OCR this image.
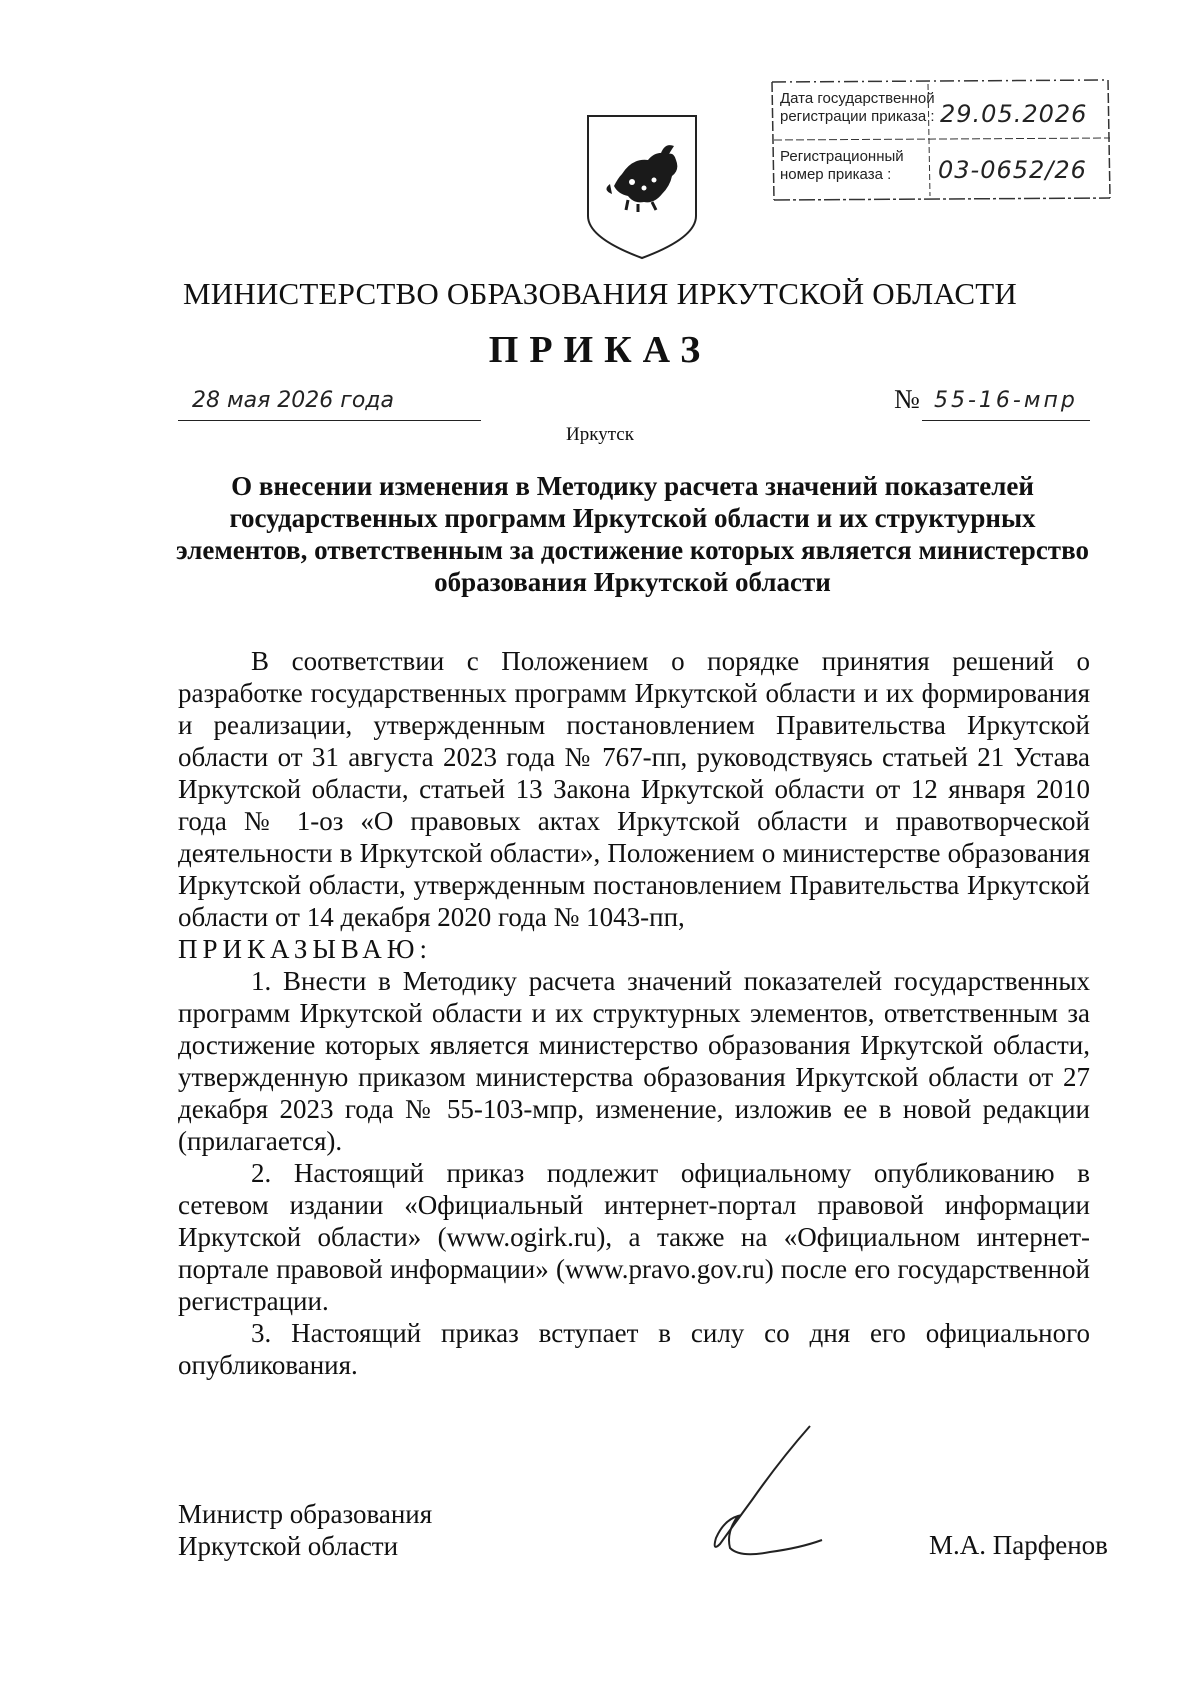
Дата государственной
регистрации приказа : 29.05.2026
Регистрационный
номер приказа :	03-0652/26
МИНИСТЕРСТВО ОБРАЗОВАНИЯ ИРКУТСКОЙ ОБЛАСТИ
ПРИКАЗ
28 мая 2026 года	№ 55-16-мпр
Иркутск
О внесении изменения в Методику расчета значений показателей государственных программ Иркутской области и их структурных элементов, ответственным за достижение которых является министерство образования Иркутской области

В соответствии с Положением о порядке принятия решений о разработке государственных программ Иркутской области и их формирования и реализации, утвержденным постановлением Правительства Иркутской области от 31 августа 2023 года № 767-пп, руководствуясь статьей 21 Устава Иркутской области, статьей 13 Закона Иркутской области от 12 января 2010 года № 1-оз «О правовых актах Иркутской области и правотворческой деятельности в Иркутской области», Положением о министерстве образования Иркутской области, утвержденным постановлением Правительства Иркутской области от 14 декабря 2020 года № 1043-пп,

ПРИКАЗЫВАЮ:

1. Внести в Методику расчета значений показателей государственных программ Иркутской области и их структурных элементов, ответственным за достижение которых является министерство образования Иркутской области, утвержденную приказом министерства образования Иркутской области от 27 декабря 2023 года № 55-103-мпр, изменение, изложив ее в новой редакции (прилагается).

2. Настоящий приказ подлежит официальному опубликованию в сетевом издании «Официальный интернет-портал правовой информации Иркутской области» (www.ogirk.ru), а также на «Официальном интернет-портале правовой информации» (www.pravo.gov.ru) после его государственной регистрации.

3. Настоящий приказ вступает в силу со дня его официального опубликования.

Министр образования
Иркутской области	М.А. Парфенов
